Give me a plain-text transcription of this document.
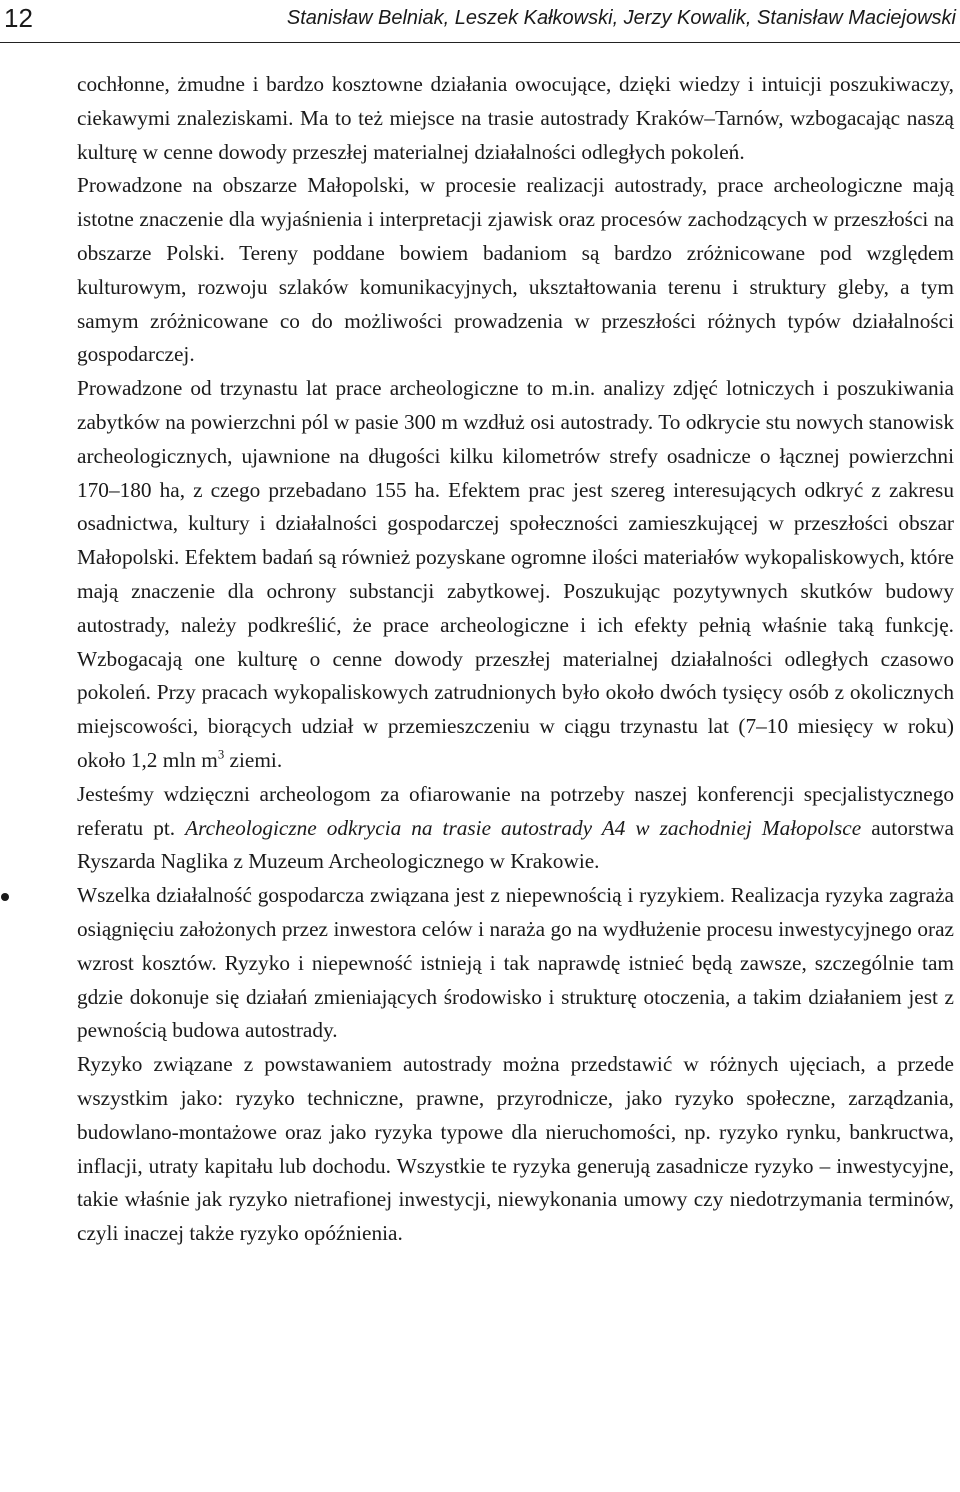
12	Stanisław Belniak, Leszek Kałkowski, Jerzy Kowalik, Stanisław Maciejowski

cochłonne, żmudne i bardzo kosztowne działania owocujące, dzięki wiedzy i intuicji poszukiwaczy, ciekawymi znaleziskami. Ma to też miejsce na trasie autostrady Kraków–Tarnów, wzbogacając naszą kulturę w cenne dowody przeszłej materialnej działalności odległych pokoleń.

Prowadzone na obszarze Małopolski, w procesie realizacji autostrady, prace archeologiczne mają istotne znaczenie dla wyjaśnienia i interpretacji zjawisk oraz procesów zachodzących w przeszłości na obszarze Polski. Tereny poddane bowiem badaniom są bardzo zróżnicowane pod względem kulturowym, rozwoju szlaków komunikacyjnych, ukształtowania terenu i struktury gleby, a tym samym zróżnicowane co do możliwości prowadzenia w przeszłości różnych typów działalności gospodarczej.

Prowadzone od trzynastu lat prace archeologiczne to m.in. analizy zdjęć lotniczych i poszukiwania zabytków na powierzchni pól w pasie 300 m wzdłuż osi autostrady. To odkrycie stu nowych stanowisk archeologicznych, ujawnione na długości kilku kilometrów strefy osadnicze o łącznej powierzchni 170–180 ha, z czego przebadano 155 ha. Efektem prac jest szereg interesujących odkryć z zakresu osadnictwa, kultury i działalności gospodarczej społeczności zamieszkującej w przeszłości obszar Małopolski. Efektem badań są również pozyskane ogromne ilości materiałów wykopaliskowych, które mają znaczenie dla ochrony substancji zabytkowej. Poszukując pozytywnych skutków budowy autostrady, należy podkreślić, że prace archeologiczne i ich efekty pełnią właśnie taką funkcję. Wzbogacają one kulturę o cenne dowody przeszłej materialnej działalności odległych czasowo pokoleń. Przy pracach wykopaliskowych zatrudnionych było około dwóch tysięcy osób z okolicznych miejscowości, biorących udział w przemieszczeniu w ciągu trzynastu lat (7–10 miesięcy w roku) około 1,2 mln $m^3$ ziemi.

Jesteśmy wdzięczni archeologom za ofiarowanie na potrzeby naszej konferencji specjalistycznego referatu pt. Archeologiczne odkrycia na trasie autostrady A4 w zachodniej Małopolsce autorstwa Ryszarda Naglika z Muzeum Archeologicznego w Krakowie.

Wszelka działalność gospodarcza związana jest z niepewnością i ryzykiem. Realizacja ryzyka zagraża osiągnięciu założonych przez inwestora celów i naraża go na wydłużenie procesu inwestycyjnego oraz wzrost kosztów. Ryzyko i niepewność istnieją i tak naprawdę istnieć będą zawsze, szczególnie tam gdzie dokonuje się działań zmieniających środowisko i strukturę otoczenia, a takim działaniem jest z pewnością budowa autostrady.

Ryzyko związane z powstawaniem autostrady można przedstawić w różnych ujęciach, a przede wszystkim jako: ryzyko techniczne, prawne, przyrodnicze, jako ryzyko społeczne, zarządzania, budowlano-montażowe oraz jako ryzyka typowe dla nieruchomości, np. ryzyko rynku, bankructwa, inflacji, utraty kapitału lub dochodu. Wszystkie te ryzyka generują zasadnicze ryzyko – inwestycyjne, takie właśnie jak ryzyko nietrafionej inwestycji, niewykonania umowy czy niedotrzymania terminów, czyli inaczej także ryzyko opóźnienia.
